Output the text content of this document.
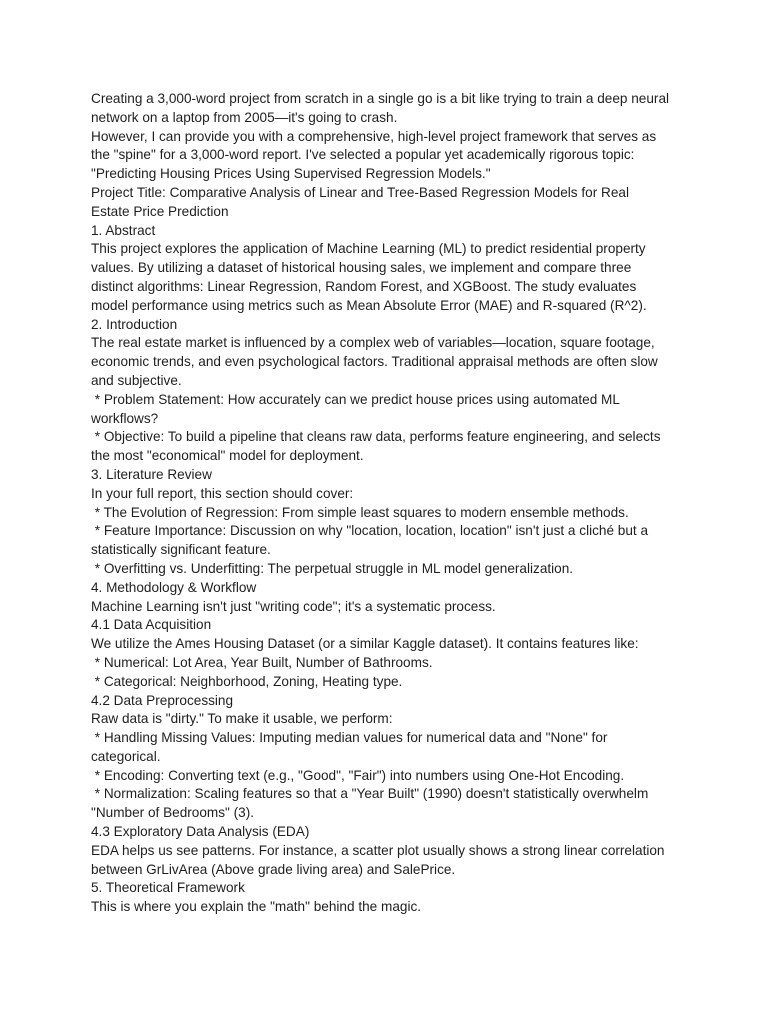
Creating a 3,000-word project from scratch in a single go is a bit like trying to train a deep neural

network on a laptop from 2005—it's going to crash.

However, I can provide you with a comprehensive, high-level project framework that serves as

the "spine" for a 3,000-word report. I've selected a popular yet academically rigorous topic:

"Predicting Housing Prices Using Supervised Regression Models."

Project Title: Comparative Analysis of Linear and Tree-Based Regression Models for Real

Estate Price Prediction

1. Abstract

This project explores the application of Machine Learning (ML) to predict residential property

values. By utilizing a dataset of historical housing sales, we implement and compare three

distinct algorithms: Linear Regression, Random Forest, and XGBoost. The study evaluates

model performance using metrics such as Mean Absolute Error (MAE) and R-squared (R^2).

2. Introduction

The real estate market is influenced by a complex web of variables—location, square footage,

economic trends, and even psychological factors. Traditional appraisal methods are often slow

and subjective.

* Problem Statement: How accurately can we predict house prices using automated ML

workflows?

* Objective: To build a pipeline that cleans raw data, performs feature engineering, and selects

the most "economical" model for deployment.

3. Literature Review

In your full report, this section should cover:

* The Evolution of Regression: From simple least squares to modern ensemble methods.

* Feature Importance: Discussion on why "location, location, location" isn't just a cliché but a

statistically significant feature.

* Overfitting vs. Underfitting: The perpetual struggle in ML model generalization.

4. Methodology & Workflow

Machine Learning isn't just "writing code"; it's a systematic process.

4.1 Data Acquisition

We utilize the Ames Housing Dataset (or a similar Kaggle dataset). It contains features like:

* Numerical: Lot Area, Year Built, Number of Bathrooms.

* Categorical: Neighborhood, Zoning, Heating type.

4.2 Data Preprocessing

Raw data is "dirty." To make it usable, we perform:

* Handling Missing Values: Imputing median values for numerical data and "None" for

categorical.

* Encoding: Converting text (e.g., "Good", "Fair") into numbers using One-Hot Encoding.

* Normalization: Scaling features so that a "Year Built" (1990) doesn't statistically overwhelm

"Number of Bedrooms" (3).

4.3 Exploratory Data Analysis (EDA)

EDA helps us see patterns. For instance, a scatter plot usually shows a strong linear correlation

between GrLivArea (Above grade living area) and SalePrice.

5. Theoretical Framework

This is where you explain the "math" behind the magic.
